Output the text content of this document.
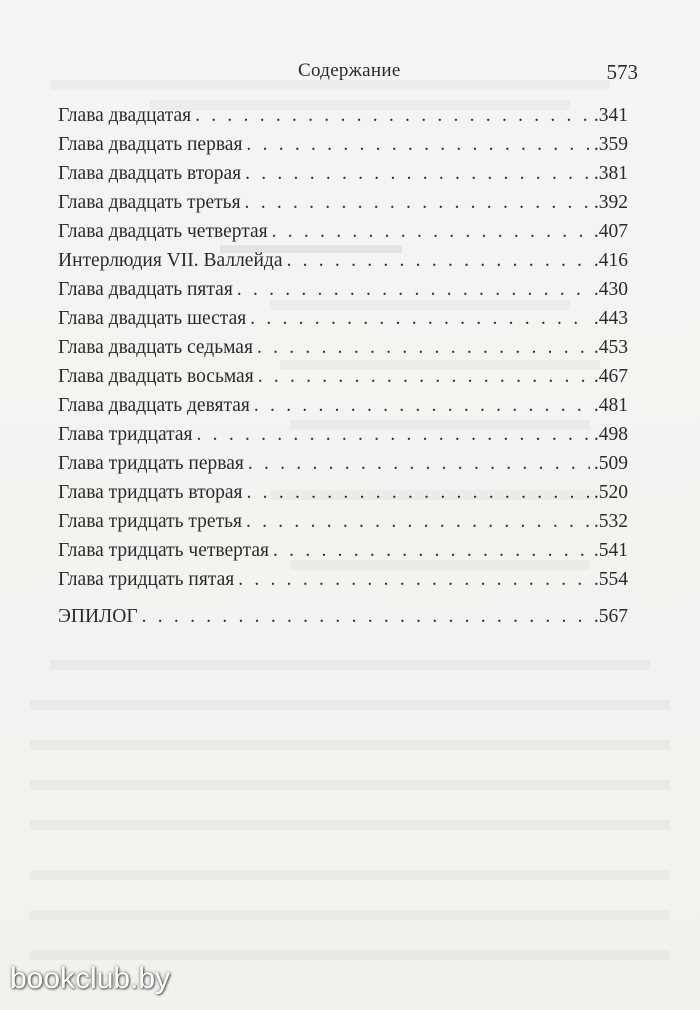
▬▬▬▬▬▬▬
Содержание	573
Глава двадцатая . . .	.341
Глава двадцать первая . . .	.359
Глава двадцать вторая . . .	.381
Глава двадцать третья . . .	.392
Глава двадцать четвертая . . .	.407
Интерлюдия VII. Валлейда . . .	.416
Глава двадцать пятая . . .	.430
Глава двадцать шестая . . .	.443
Глава двадцать седьмая . . .	.453
Глава двадцать восьмая . . .	.467
Глава двадцать девятая . . .	.481
Глава тридцатая . . .	.498
Глава тридцать первая . . .	.509
Глава тридцать вторая . . .	.520
Глава тридцать третья . . .	.532
Глава тридцать четвертая . . .	.541
Глава тридцать пятая . . .	.554
ЭПИЛОГ . . .	.567
bookclub.by
